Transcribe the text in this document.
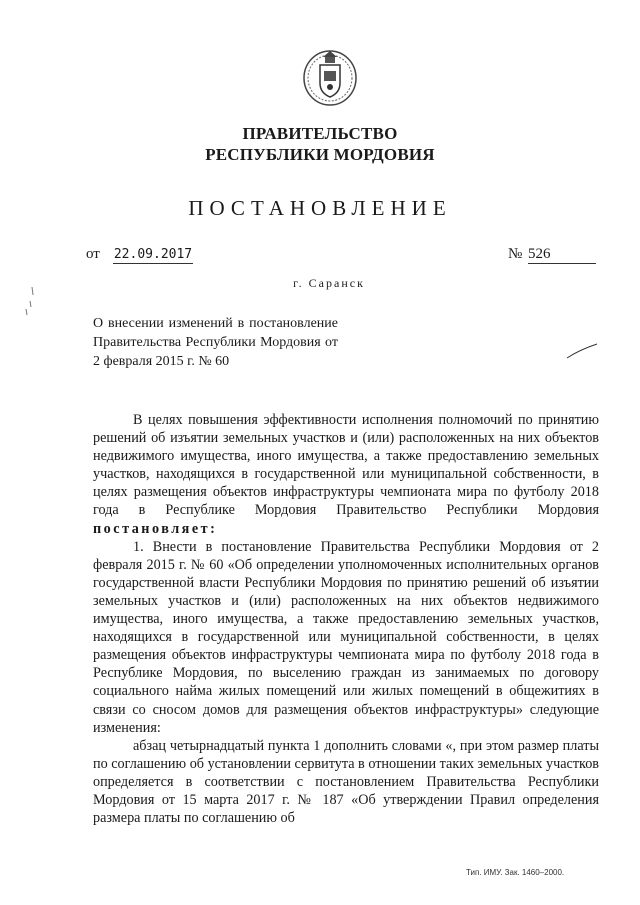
ПРАВИТЕЛЬСТВО
РЕСПУБЛИКИ МОРДОВИЯ
ПОСТАНОВЛЕНИЕ
от 22.09.2017	№ 526
г. Саранск
О внесении изменений в постановление Правительства Республики Мордовия от 2 февраля 2015 г. № 60

В целях повышения эффективности исполнения полномочий по принятию решений об изъятии земельных участков и (или) расположенных на них объектов недвижимого имущества, иного имущества, а также предоставлению земельных участков, находящихся в государственной или муниципальной собственности, в целях размещения объектов инфраструктуры чемпионата мира по футболу 2018 года в Республике Мордовия Правительство Республики Мордовия постановляет:

1. Внести в постановление Правительства Республики Мордовия от 2 февраля 2015 г. № 60 «Об определении уполномоченных исполнительных органов государственной власти Республики Мордовия по принятию решений об изъятии земельных участков и (или) расположенных на них объектов недвижимого имущества, иного имущества, а также предоставлению земельных участков, находящихся в государственной или муниципальной собственности, в целях размещения объектов инфраструктуры чемпионата мира по футболу 2018 года в Республике Мордовия, по выселению граждан из занимаемых по договору социального найма жилых помещений или жилых помещений в общежитиях в связи со сносом домов для размещения объектов инфраструктуры» следующие изменения:

абзац четырнадцатый пункта 1 дополнить словами «, при этом размер платы по соглашению об установлении сервитута в отношении таких земельных участков определяется в соответствии с постановлением Правительства Республики Мордовия от 15 марта 2017 г. № 187 «Об утверждении Правил определения размера платы по соглашению об

Тип. ИМУ. Зак. 1460–2000.
